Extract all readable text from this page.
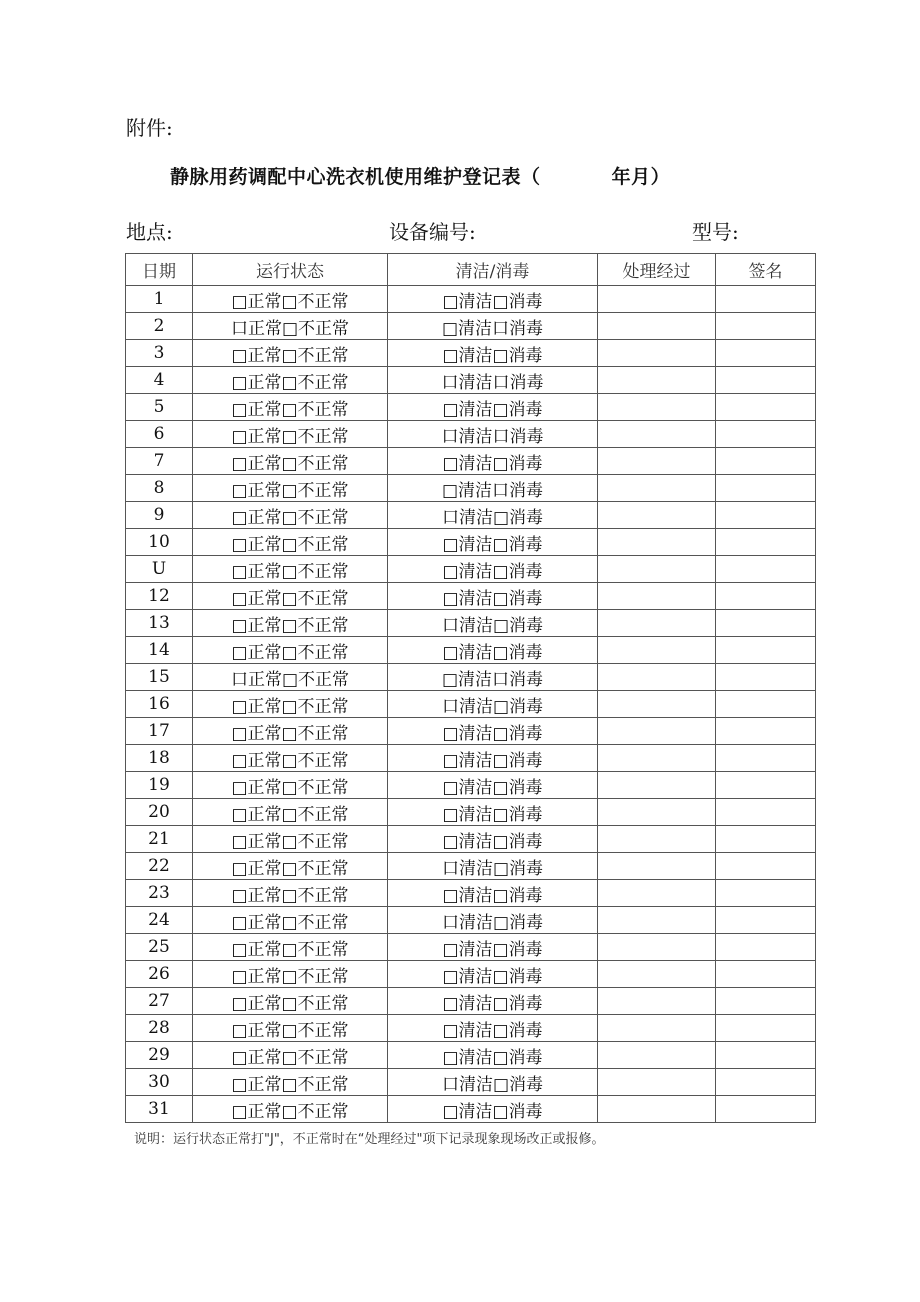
附件:
静脉用药调配中心洗衣机使用维护登记表（          年月）
地点:	设备编号:	型号:
日期	运行状态	清洁/消毒	处理经过	签名
1	□正常□不正常	□清洁□消毒		
2	口正常□不正常	□清洁口消毒		
3	□正常□不正常	□清洁□消毒		
4	□正常□不正常	口清洁口消毒		
5	□正常□不正常	□清洁□消毒		
6	□正常□不正常	口清洁口消毒		
7	□正常□不正常	□清洁□消毒		
8	□正常□不正常	□清洁口消毒		
9	□正常□不正常	口清洁□消毒		
10	□正常□不正常	□清洁□消毒		
U	□正常□不正常	□清洁□消毒		
12	□正常□不正常	□清洁□消毒		
13	□正常□不正常	口清洁□消毒		
14	□正常□不正常	□清洁□消毒		
15	口正常□不正常	□清洁口消毒		
16	□正常□不正常	口清洁□消毒		
17	□正常□不正常	□清洁□消毒		
18	□正常□不正常	□清洁□消毒		
19	□正常□不正常	□清洁□消毒		
20	□正常□不正常	□清洁□消毒		
21	□正常□不正常	□清洁□消毒		
22	□正常□不正常	口清洁□消毒		
23	□正常□不正常	□清洁□消毒		
24	□正常□不正常	口清洁□消毒		
25	□正常□不正常	□清洁□消毒		
26	□正常□不正常	□清洁□消毒		
27	□正常□不正常	□清洁□消毒		
28	□正常□不正常	□清洁□消毒		
29	□正常□不正常	□清洁□消毒		
30	□正常□不正常	口清洁□消毒		
31	□正常□不正常	□清洁□消毒		
说明：运行状态正常打"J"，不正常时在“处理经过"项下记录现象现场改正或报修。
